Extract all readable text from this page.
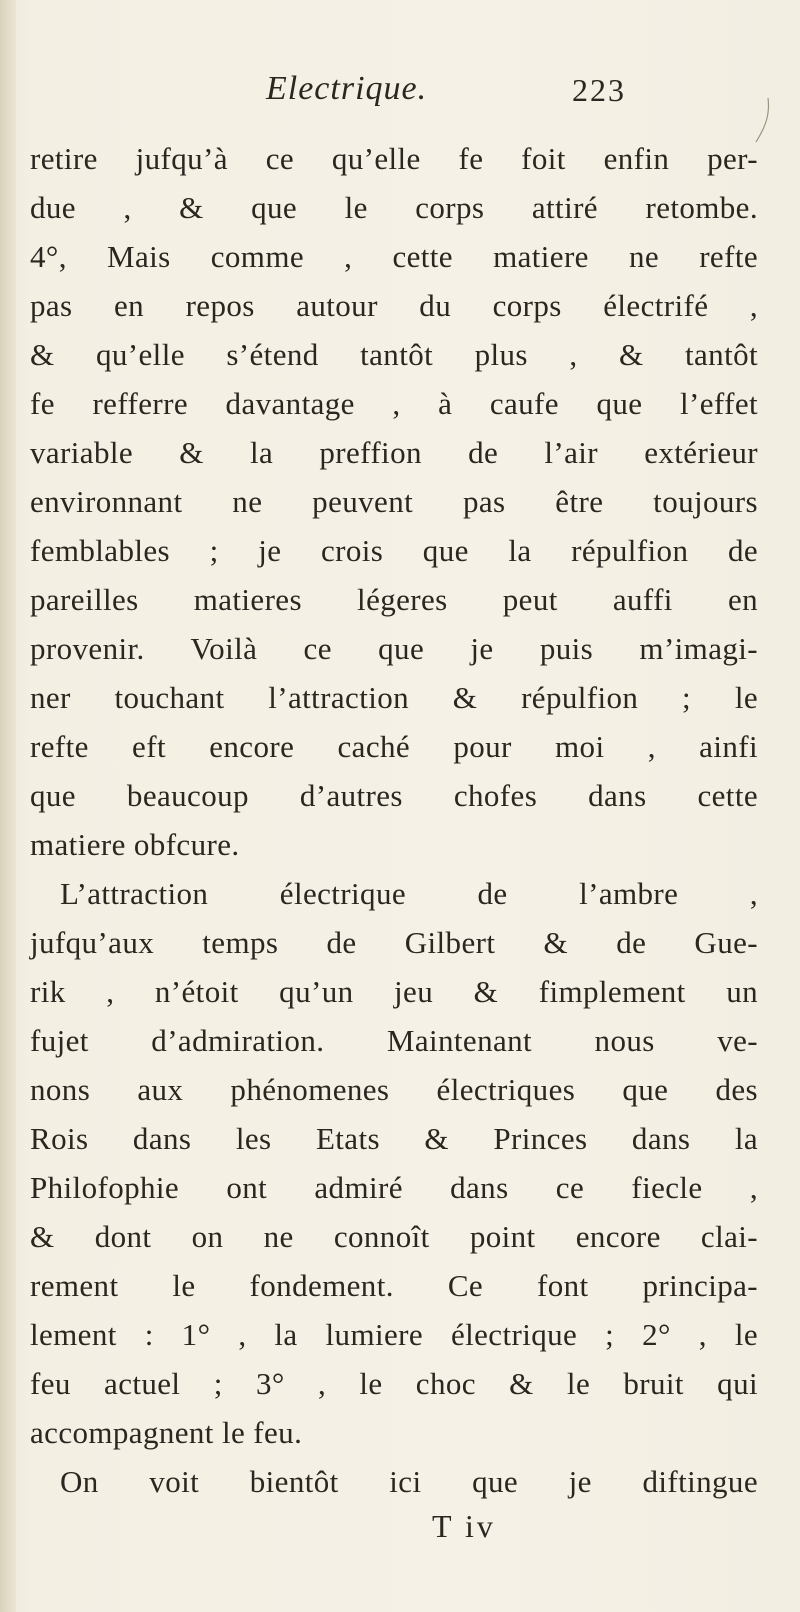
Electrique.	223
retire jufqu’à ce qu’elle fe foit enfin per-
due , & que le corps attiré retombe.
4°, Mais comme , cette matiere ne refte
pas en repos autour du corps électrifé ,
& qu’elle s’étend tantôt plus , & tantôt
fe refferre davantage , à caufe que l’effet
variable & la preffion de l’air extérieur
environnant ne peuvent pas être toujours
femblables ; je crois que la répulfion de
pareilles matieres légeres peut auffi en
provenir. Voilà ce que je puis m’imagi-
ner touchant l’attraction & répulfion ; le
refte eft encore caché pour moi , ainfi
que beaucoup d’autres chofes dans cette
matiere obfcure.
L’attraction électrique de l’ambre ,
jufqu’aux temps de Gilbert & de Gue-
rik , n’étoit qu’un jeu & fimplement un
fujet d’admiration. Maintenant nous ve-
nons aux phénomenes électriques que des
Rois dans les Etats & Princes dans la
Philofophie ont admiré dans ce fiecle ,
& dont on ne connoît point encore clai-
rement le fondement. Ce font principa-
lement : 1° , la lumiere électrique ; 2° , le
feu actuel ; 3° , le choc & le bruit qui
accompagnent le feu.
On voit bientôt ici que je diftingue
T iv
